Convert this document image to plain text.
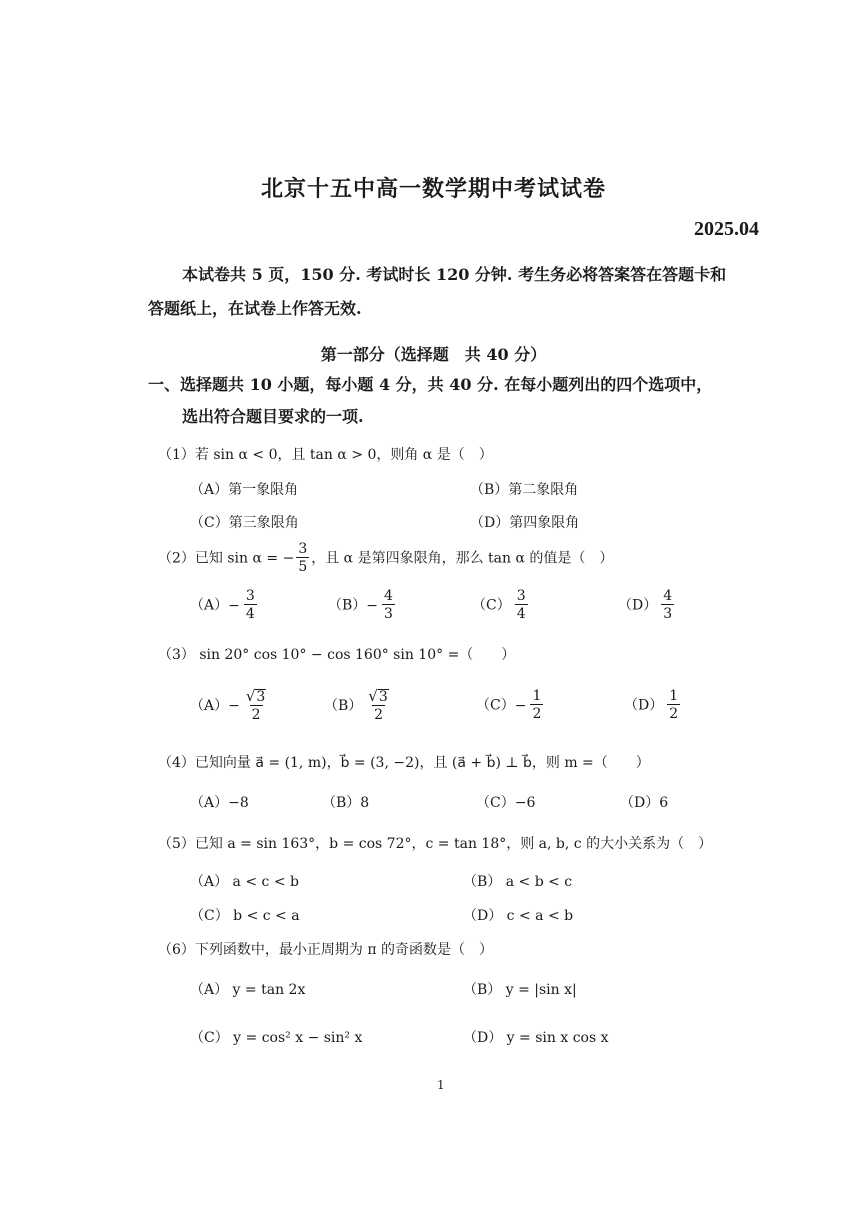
北京十五中高一数学期中考试试卷
2025.04
本试卷共 5 页，150 分. 考试时长 120 分钟. 考生务必将答案答在答题卡和
答题纸上，在试卷上作答无效.
第一部分（选择题　共 40 分）
一、选择题共 10 小题，每小题 4 分，共 40 分. 在每小题列出的四个选项中，
选出符合题目要求的一项.
（1）若 sin α < 0，且 tan α > 0，则角 α 是（　）
（A）第一象限角	（B）第二象限角
（C）第三象限角	（D）第四象限角
（2）已知 sin α = − $\frac{3}{5}$ ，且 α 是第四象限角，那么 tan α 的值是（　）
$(A)- \frac{3}{4}$	$(B)- \frac{4}{3}$	$(C) \frac{3}{4}$	$(D) \frac{4}{3}$
（3） sin 20° cos 10° − cos 160° sin 10° =（　　）
$(A)- \frac{√ 3}{2}$	$(B) \frac{√ 3}{2}$	$(C)- \frac{1}{2}$	$(D) \frac{1}{2}$
（4）已知向量 a⃗ = (1, m)，b⃗ = (3, −2)，且 (a⃗ + b⃗) ⊥ b⃗，则 m =（　　）
（A）−8	（B）8	（C）−6	（D）6
（5）已知 a = sin 163°，b = cos 72°，c = tan 18°，则 a, b, c 的大小关系为（　）
（A） a < c < b	（B） a < b < c
（C） b < c < a	（D） c < a < b
（6）下列函数中，最小正周期为 π 的奇函数是（　）
（A） y = tan 2x	（B） y = |sin x|
（C） y = cos² x − sin² x	（D） y = sin x cos x
1
